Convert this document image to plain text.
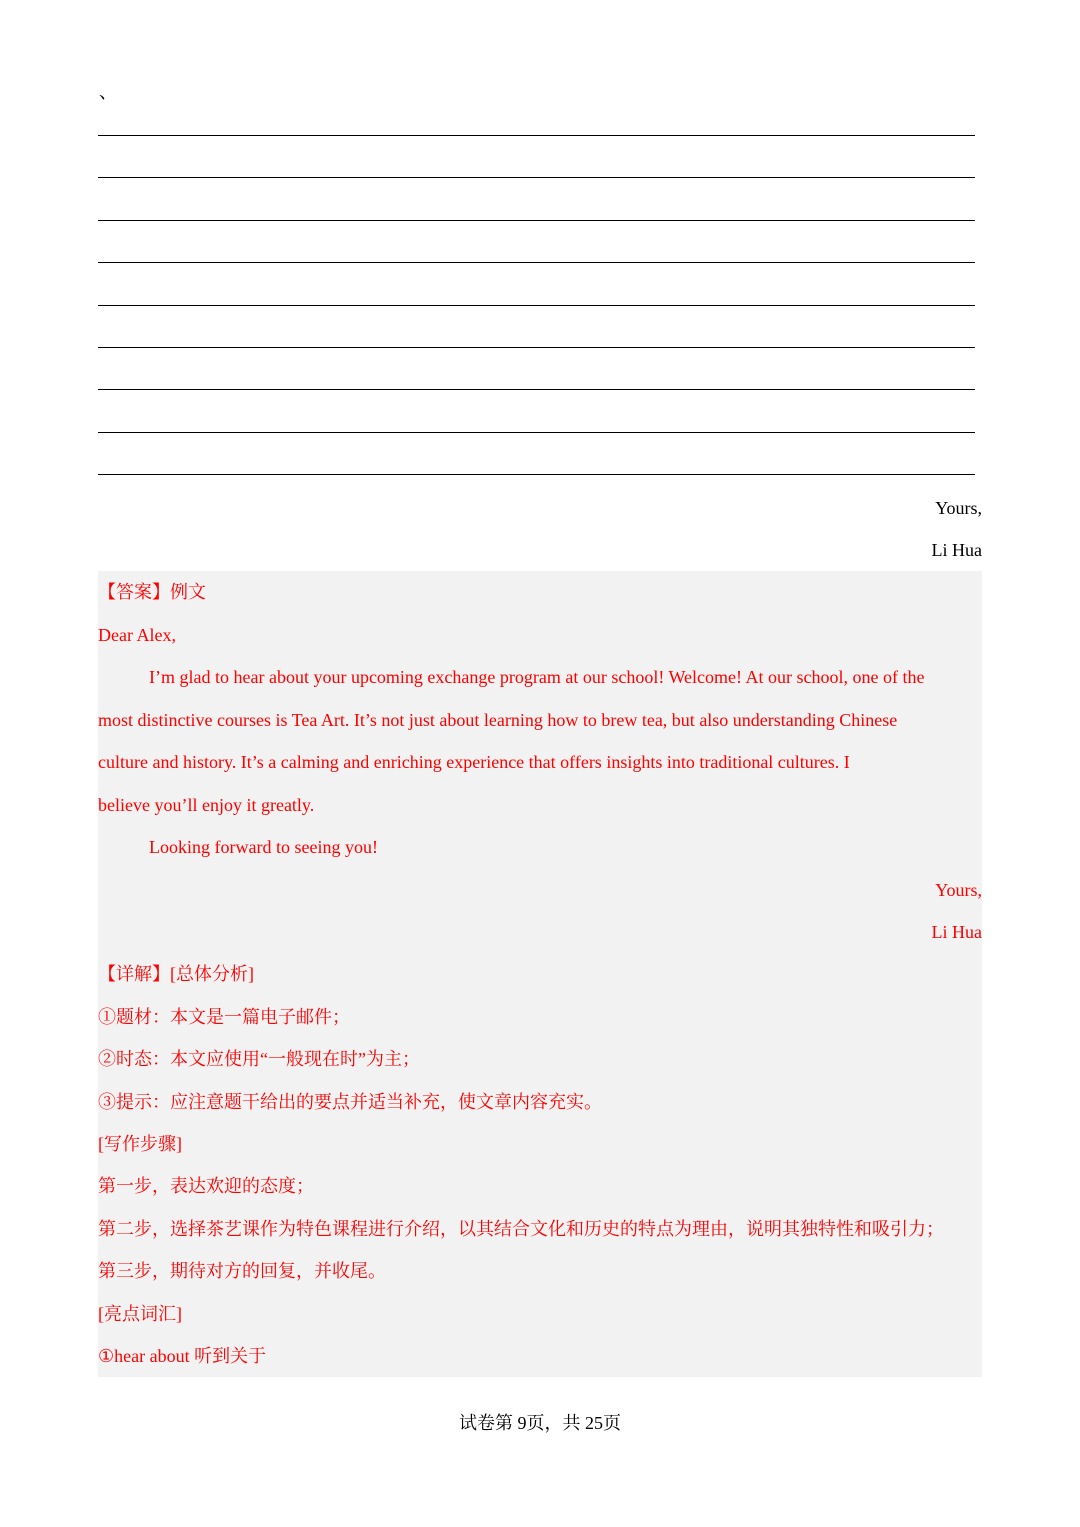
、
Yours,
Li Hua
【答案】例文
Dear Alex,
I’m glad to hear about your upcoming exchange program at our school! Welcome! At our school, one of the
most distinctive courses is Tea Art. It’s not just about learning how to brew tea, but also understanding Chinese
culture and history. It’s a calming and enriching experience that offers insights into traditional cultures. I
believe you’ll enjoy it greatly.
Looking forward to seeing you!
Yours,
Li Hua
【详解】[总体分析]
①题材：本文是一篇电子邮件；
②时态：本文应使用“一般现在时”为主；
③提示：应注意题干给出的要点并适当补充，使文章内容充实。
[写作步骤]
第一步，表达欢迎的态度；
第二步，选择茶艺课作为特色课程进行介绍，以其结合文化和历史的特点为理由，说明其独特性和吸引力；
第三步，期待对方的回复，并收尾。
[亮点词汇]
①hear about 听到关于
试卷第 9页，共 25页
